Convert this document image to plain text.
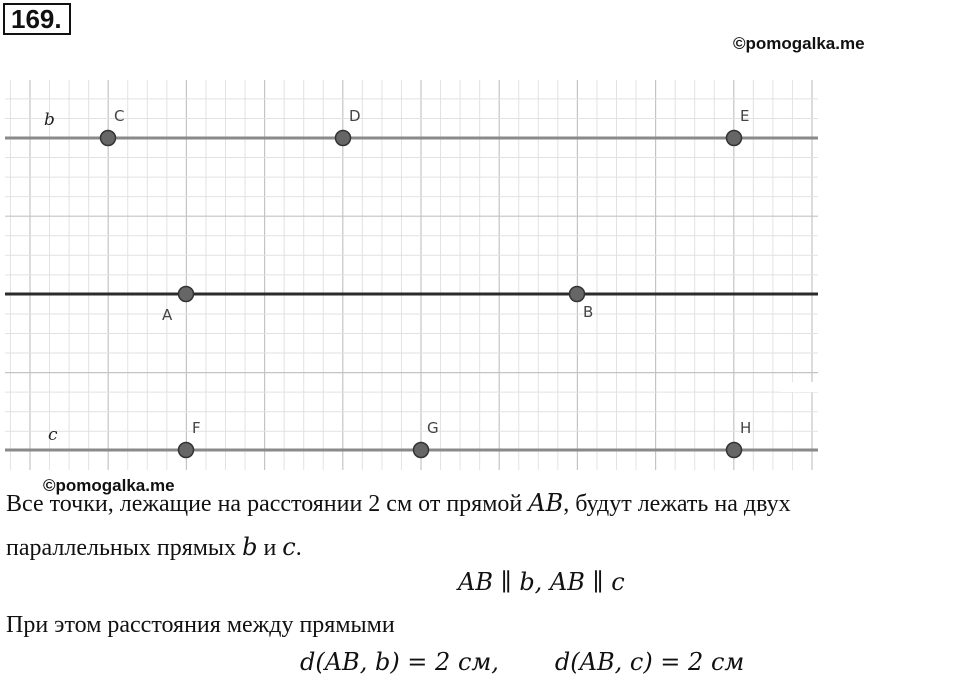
169.
©pomogalka.me
b
c
C	D	E
A	B
F	G	H
©pomogalka.me
Все точки, лежащие на расстоянии 2 см от прямой AB, будут лежать на двух
параллельных прямых b и c.
AB ∥ b, AB ∥ c
При этом расстояния между прямыми
d(AB, b) = 2 см, d(AB, c) = 2 см
